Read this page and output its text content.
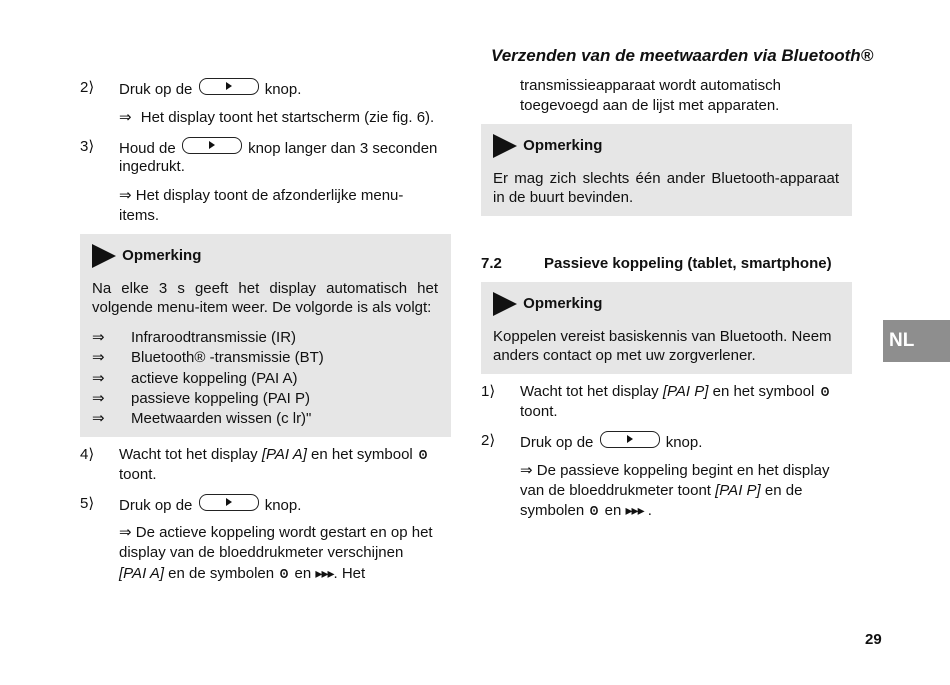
Verzenden van de meetwaarden via Bluetooth®
2⟩	Druk op de	knop.
⇒ Het display toont het startscherm (zie fig. 6).
3⟩	Houd de	knop langer dan 3 seconden
ingedrukt.
⇒ Het display toont de afzonderlijke menu-
items.
Opmerking
Na elke 3 s geeft het display automatisch het
volgende menu-item weer. De volgorde is als volgt:
⇒ Infraroodtransmissie (IR)
⇒ Bluetooth® -transmissie (BT)
⇒ actieve koppeling (PAI A)
⇒ passieve koppeling (PAI P)
⇒ Meetwaarden wissen (c lr)"
4⟩	Wacht tot het display [PAI A] en het symbool ʘ
toont.
5⟩	Druk op de	knop.
⇒ De actieve koppeling wordt gestart en op het
display van de bloeddrukmeter verschijnen
[PAI A] en de symbolen ʘ en ▸▸▸. Het
transmissieapparaat wordt automatisch
toegevoegd aan de lijst met apparaten.
Opmerking
Er mag zich slechts één ander Bluetooth-apparaat
in de buurt bevinden.
7.2	Passieve koppeling (tablet, smartphone)
Opmerking
Koppelen vereist basiskennis van Bluetooth. Neem
anders contact op met uw zorgverlener.
1⟩	Wacht tot het display [PAI P] en het symbool ʘ
toont.
2⟩	Druk op de	knop.
⇒ De passieve koppeling begint en het display
van de bloeddrukmeter toont [PAI P] en de
symbolen ʘ en ▸▸▸ .
NL
29
